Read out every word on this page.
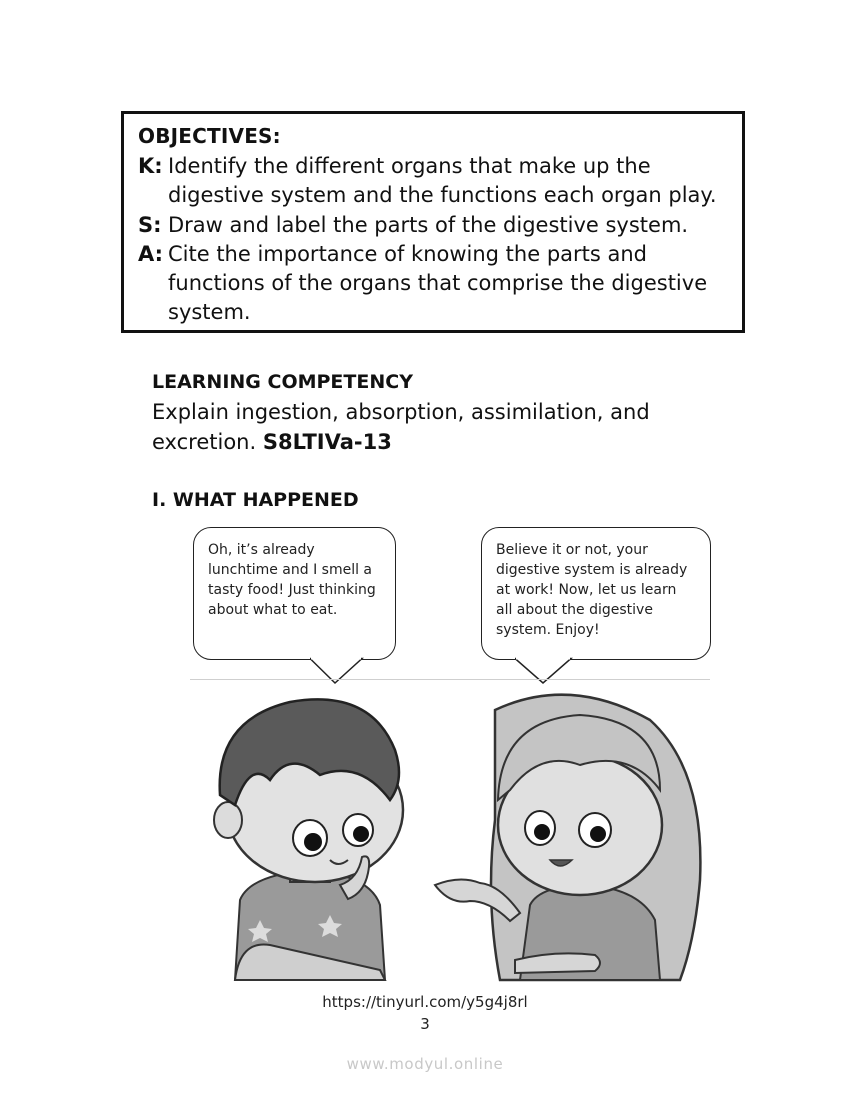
OBJECTIVES:
K: Identify the different organs that make up the digestive system and the functions each organ play.
S: Draw and label the parts of the digestive system.
A: Cite the importance of knowing the parts and functions of the organs that comprise the digestive system.
LEARNING COMPETENCY
Explain ingestion, absorption, assimilation, and excretion. S8LTIVa-13
I. WHAT HAPPENED
Oh, it’s already lunchtime and I smell a tasty food! Just thinking about what to eat.
Believe it or not, your digestive system is already at work! Now, let us learn all about the digestive system. Enjoy!
https://tinyurl.com/y5g4j8rl
3
www.modyul.online
